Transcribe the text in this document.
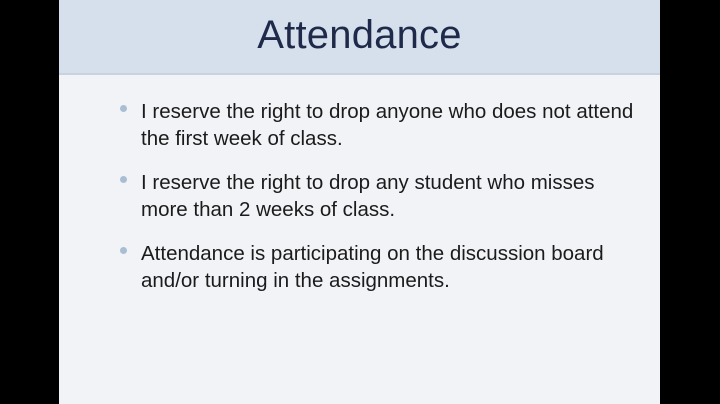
Attendance
I reserve the right to drop anyone who does not attend the first week of class.
I reserve the right to drop any student who misses more than 2 weeks of class.
Attendance is participating on the discussion board and/or turning in the assignments.
